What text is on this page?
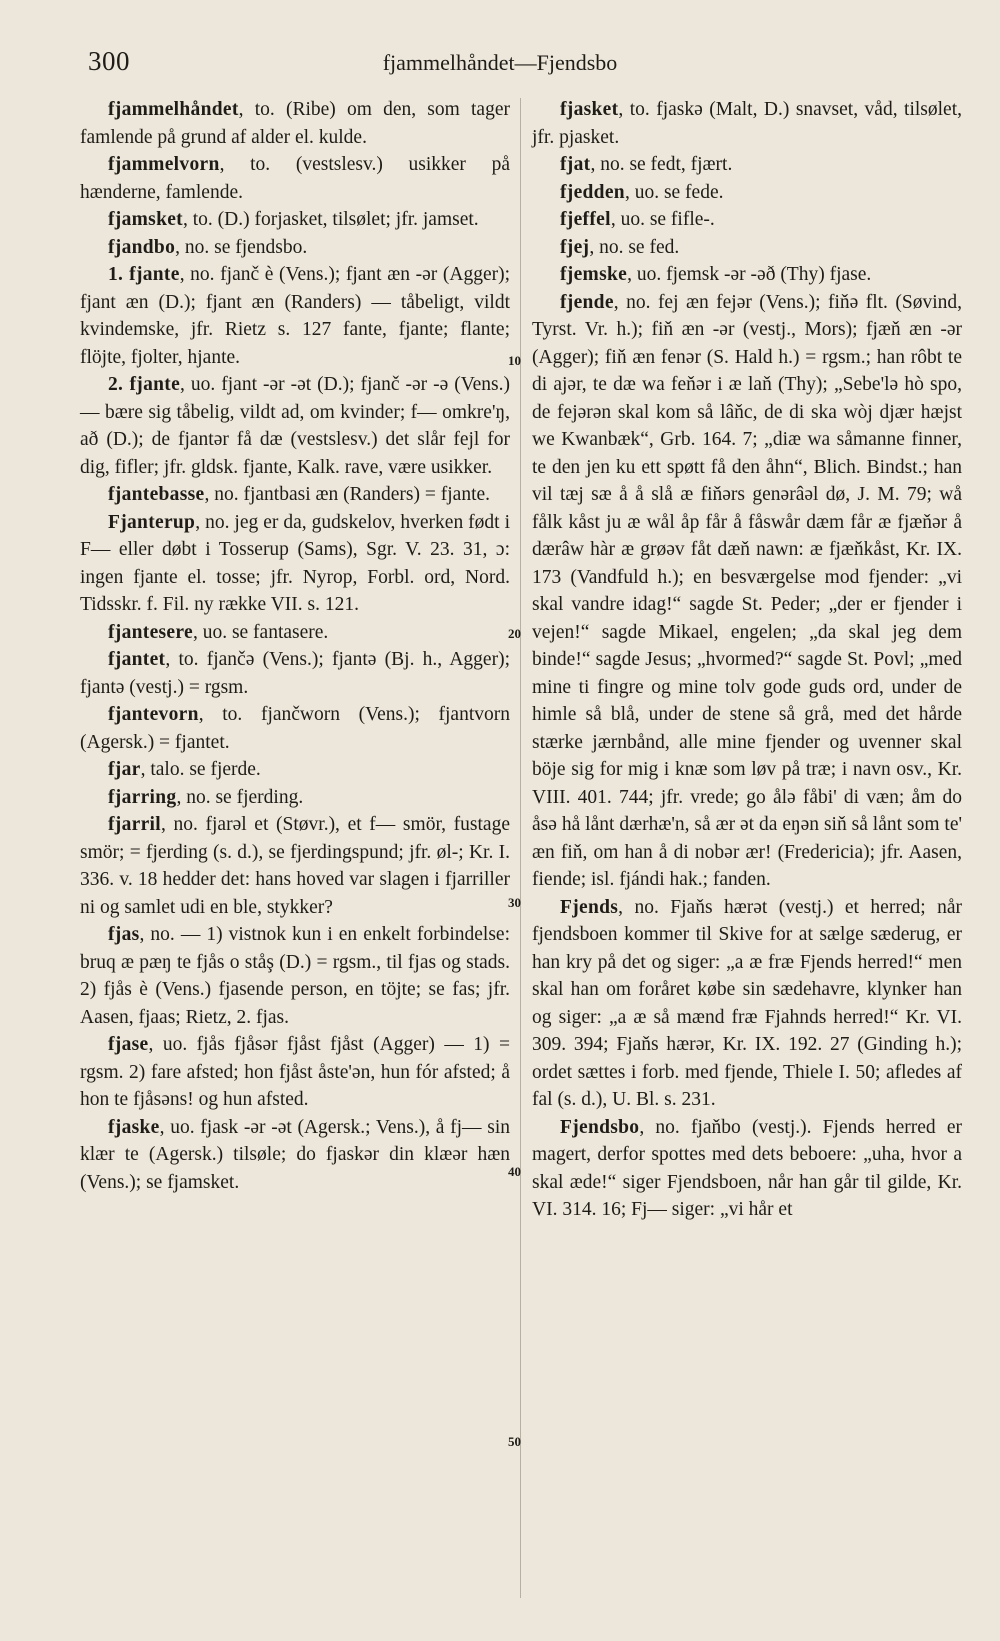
300	fjammelhåndet—Fjendsbo

fjammelhåndet, to. (Ribe) om den, som tager famlende på grund af alder el. kulde.

fjammelvorn, to. (vestslesv.) usikker på hænderne, famlende.

fjamsket, to. (D.) forjasket, tilsølet; jfr. jamset.

fjandbo, no. se fjendsbo.

1. fjante, no. fjanč è (Vens.); fjant æn -ər (Agger); fjant æn (D.); fjant æn (Randers) — tåbeligt, vildt kvindemske, jfr. Rietz s. 127 fante, fjante; flante; flöjte, fjolter, hjante.

2. fjante, uo. fjant -ər -ət (D.); fjanč -ər -ə (Vens.) — bære sig tåbelig, vildt ad, om kvinder; f— omkre'ŋ, að (D.); de fjantər få dæ (vestslesv.) det slår fejl for dig, fifler; jfr. gldsk. fjante, Kalk. rave, være usikker.

fjantebasse, no. fjantbasi æn (Randers) = fjante.

Fjanterup, no. jeg er da, gudskelov, hverken født i F— eller døbt i Tosserup (Sams), Sgr. V. 23. 31, ɔ: ingen fjante el. tosse; jfr. Nyrop, Forbl. ord, Nord. Tidsskr. f. Fil. ny række VII. s. 121.

fjantesere, uo. se fantasere.

fjantet, to. fjančə (Vens.); fjantə (Bj. h., Agger); fjantə (vestj.) = rgsm.

fjantevorn, to. fjančworn (Vens.); fjantvorn (Agersk.) = fjantet.

fjar, talo. se fjerde.

fjarring, no. se fjerding.

fjarril, no. fjarəl et (Støvr.), et f— smör, fustage smör; = fjerding (s. d.), se fjerdingspund; jfr. øl-; Kr. I. 336. v. 18 hedder det: hans hoved var slagen i fjarriller ni og samlet udi en ble, stykker?

fjas, no. — 1) vistnok kun i en enkelt forbindelse: bruq æ pæŋ te fjås o ståş (D.) = rgsm., til fjas og stads. 2) fjås è (Vens.) fjasende person, en töjte; se fas; jfr. Aasen, fjaas; Rietz, 2. fjas.

fjase, uo. fjås fjåsər fjåst fjåst (Agger) — 1) = rgsm. 2) fare afsted; hon fjåst åste'ən, hun fór afsted; å hon te fjåsəns! og hun afsted.

fjaske, uo. fjask -ər -ət (Agersk.; Vens.), å fj— sin klær te (Agersk.) tilsøle; do fjaskər din klæər hæn (Vens.); se fjamsket.

fjasket, to. fjaskə (Malt, D.) snavset, våd, tilsølet, jfr. pjasket.

fjat, no. se fedt, fjært.

fjedden, uo. se fede.

fjeffel, uo. se fifle-.

fjej, no. se fed.

fjemske, uo. fjemsk -ər -əð (Thy) fjase.

fjende, no. fej æn fejər (Vens.); fiňə flt. (Søvind, Tyrst. Vr. h.); fiň æn -ər (vestj., Mors); fjæň æn -ər (Agger); fiň æn fenər (S. Hald h.) = rgsm.; han rôbt te di ajər, te dæ wa feňər i æ laň (Thy); „Sebe'lə hò spo, de fejərən skal kom så lâňc, de di ska wòj djær hæjst we Kwanbæk“, Grb. 164. 7; „diæ wa såmanne finner, te den jen ku ett spøtt få den åhn“, Blich. Bindst.; han vil tæj sæ å å slå æ fiňərs genərâəl dø, J. M. 79; wå fålk kåst ju æ wål åp får å fåswår dæm får æ fjæňər å dærâw hàr æ grøəv fåt dæň nawn: æ fjæňkåst, Kr. IX. 173 (Vandfuld h.); en besværgelse mod fjender: „vi skal vandre idag!“ sagde St. Peder; „der er fjender i vejen!“ sagde Mikael, engelen; „da skal jeg dem binde!“ sagde Jesus; „hvormed?“ sagde St. Povl; „med mine ti fingre og mine tolv gode guds ord, under de himle så blå, under de stene så grå, med det hårde stærke jærnbånd, alle mine fjender og uvenner skal böje sig for mig i knæ som løv på træ; i navn osv., Kr. VIII. 401. 744; jfr. vrede; go ålə fåbi' di væn; åm do åsə hå lånt dærhæ'n, så ær ət da eŋən siň så lånt som te' æn fiň, om han å di nobər ær! (Fredericia); jfr. Aasen, fiende; isl. fjándi hak.; fanden.

Fjends, no. Fjaňs hærət (vestj.) et herred; når fjendsboen kommer til Skive for at sælge sæderug, er han kry på det og siger: „a æ fræ Fjends herred!“ men skal han om foråret købe sin sædehavre, klynker han og siger: „a æ så mænd fræ Fjahnds herred!“ Kr. VI. 309. 394; Fjaňs hærər, Kr. IX. 192. 27 (Ginding h.); ordet sættes i forb. med fjende, Thiele I. 50; afledes af fal (s. d.), U. Bl. s. 231.

Fjendsbo, no. fjaňbo (vestj.). Fjends herred er magert, derfor spottes med dets beboere: „uha, hvor a skal æde!“ siger Fjendsboen, når han går til gilde, Kr. VI. 314. 16; Fj— siger: „vi hår et

10
20
30
40
50
